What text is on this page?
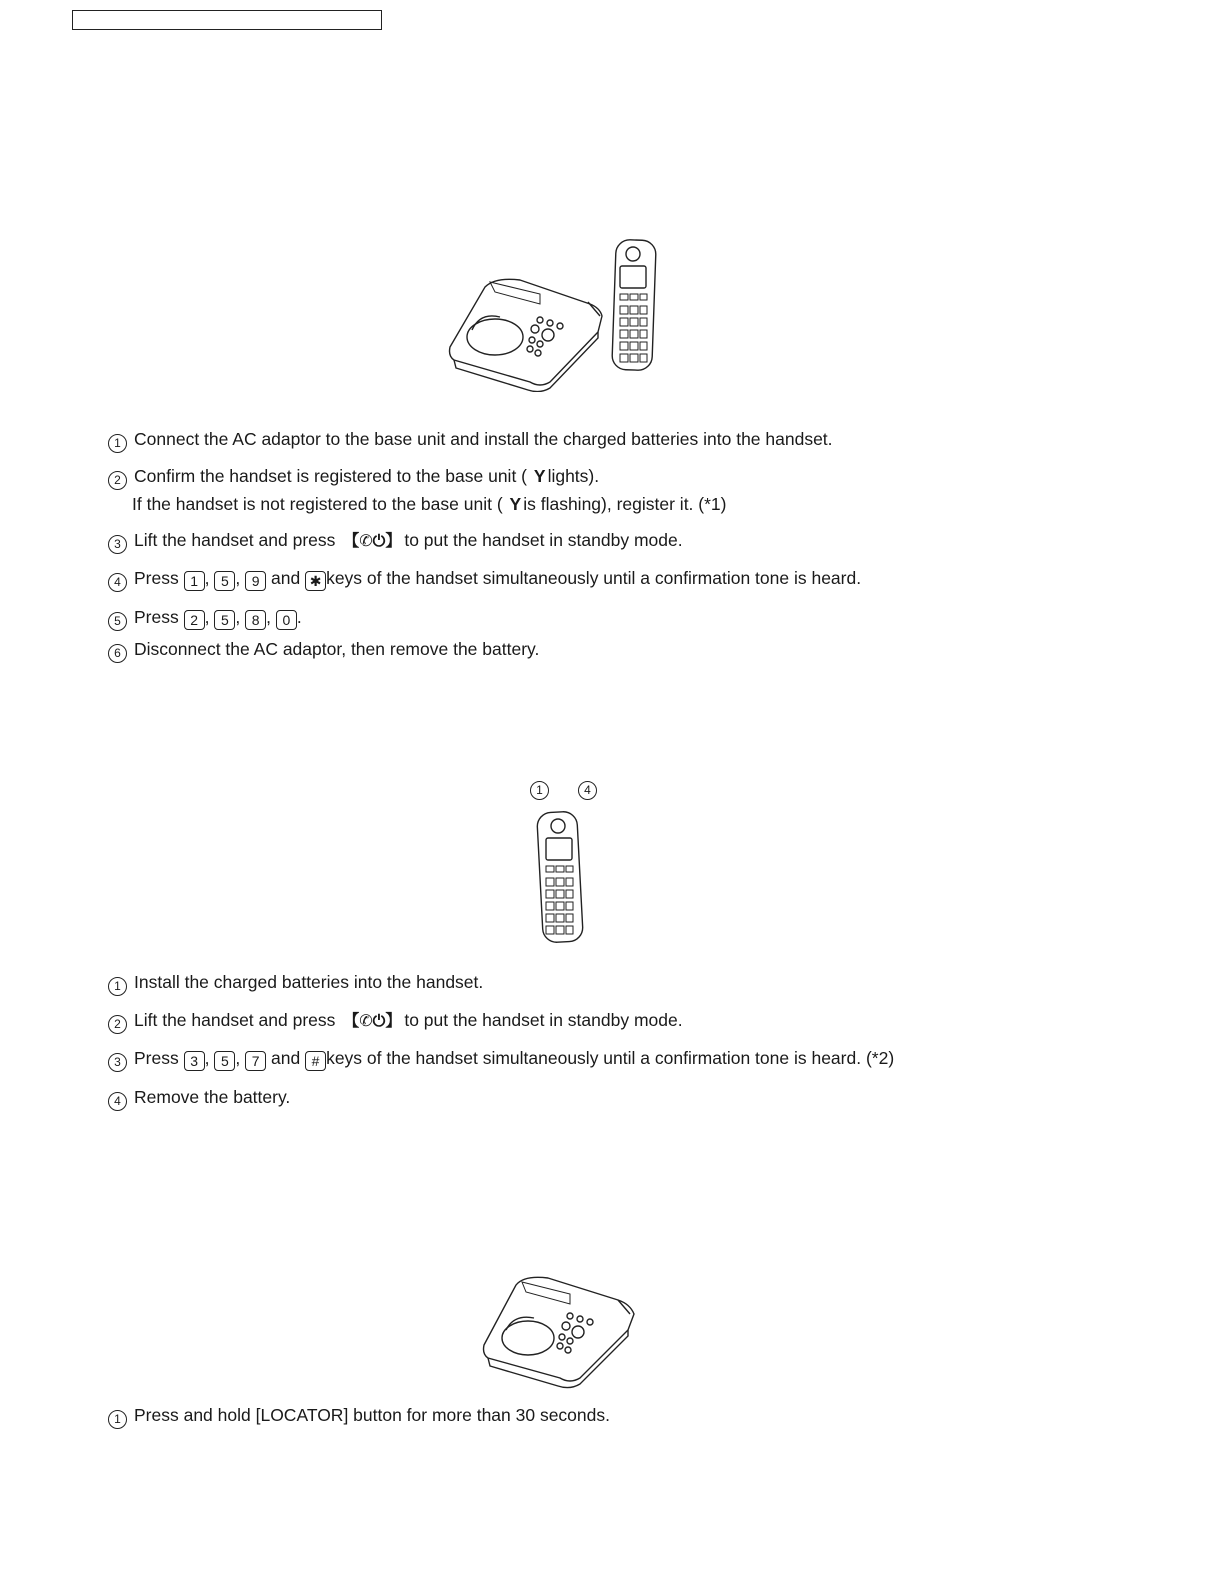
1 Connect the AC adaptor to the base unit and install the charged batteries into the handset.
2 Confirm the handset is registered to the base unit ( Y lights).
If the handset is not registered to the base unit ( Y is flashing), register it. (*1)
3 Lift the handset and press 【✆⏻】 to put the handset in standby mode.
4 Press 1 , 5 , 9 and ✱ keys of the handset simultaneously until a confirmation tone is heard.
5 Press 2 , 5 , 8 , 0 .
6 Disconnect the AC adaptor, then remove the battery.
1	4
1 Install the charged batteries into the handset.
2 Lift the handset and press 【✆⏻】 to put the handset in standby mode.
3 Press 3 , 5 , 7 and # keys of the handset simultaneously until a confirmation tone is heard. (*2)
4 Remove the battery.
1 Press and hold [LOCATOR] button for more than 30 seconds.
